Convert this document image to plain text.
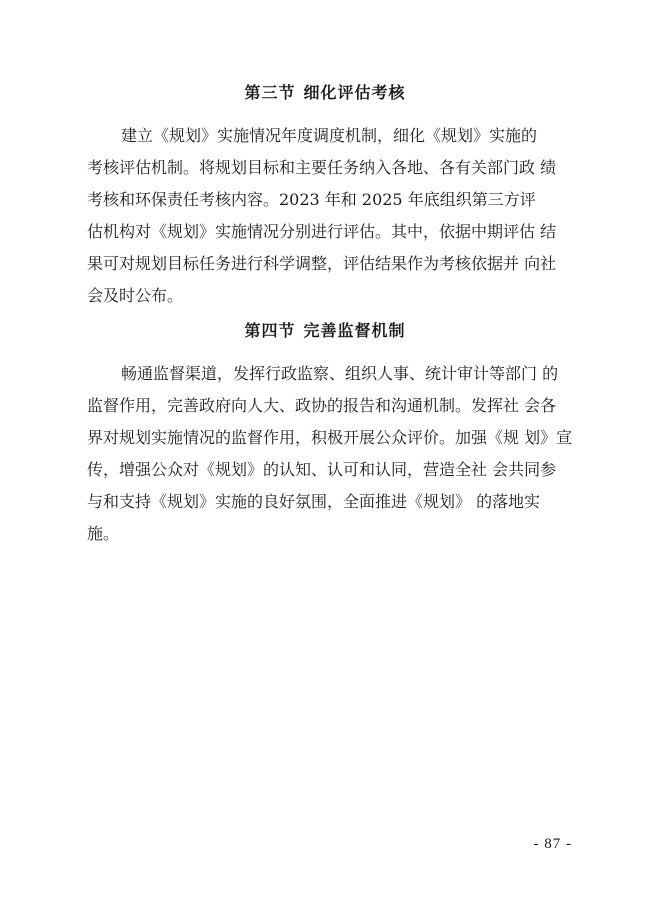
第三节 细化评估考核
建立《规划》实施情况年度调度机制，细化《规划》实施的
考核评估机制。将规划目标和主要任务纳入各地、各有关部门政 绩
考核和环保责任考核内容。2023 年和 2025 年底组织第三方评
估机构对《规划》实施情况分别进行评估。其中，依据中期评估 结
果可对规划目标任务进行科学调整，评估结果作为考核依据并 向社
会及时公布。
第四节 完善监督机制
畅通监督渠道，发挥行政监察、组织人事、统计审计等部门 的
监督作用，完善政府向人大、政协的报告和沟通机制。发挥社 会各
界对规划实施情况的监督作用，积极开展公众评价。加强《规 划》宣
传，增强公众对《规划》的认知、认可和认同，营造全社 会共同参
与和支持《规划》实施的良好氛围，全面推进《规划》 的落地实
施。
- 87 -
